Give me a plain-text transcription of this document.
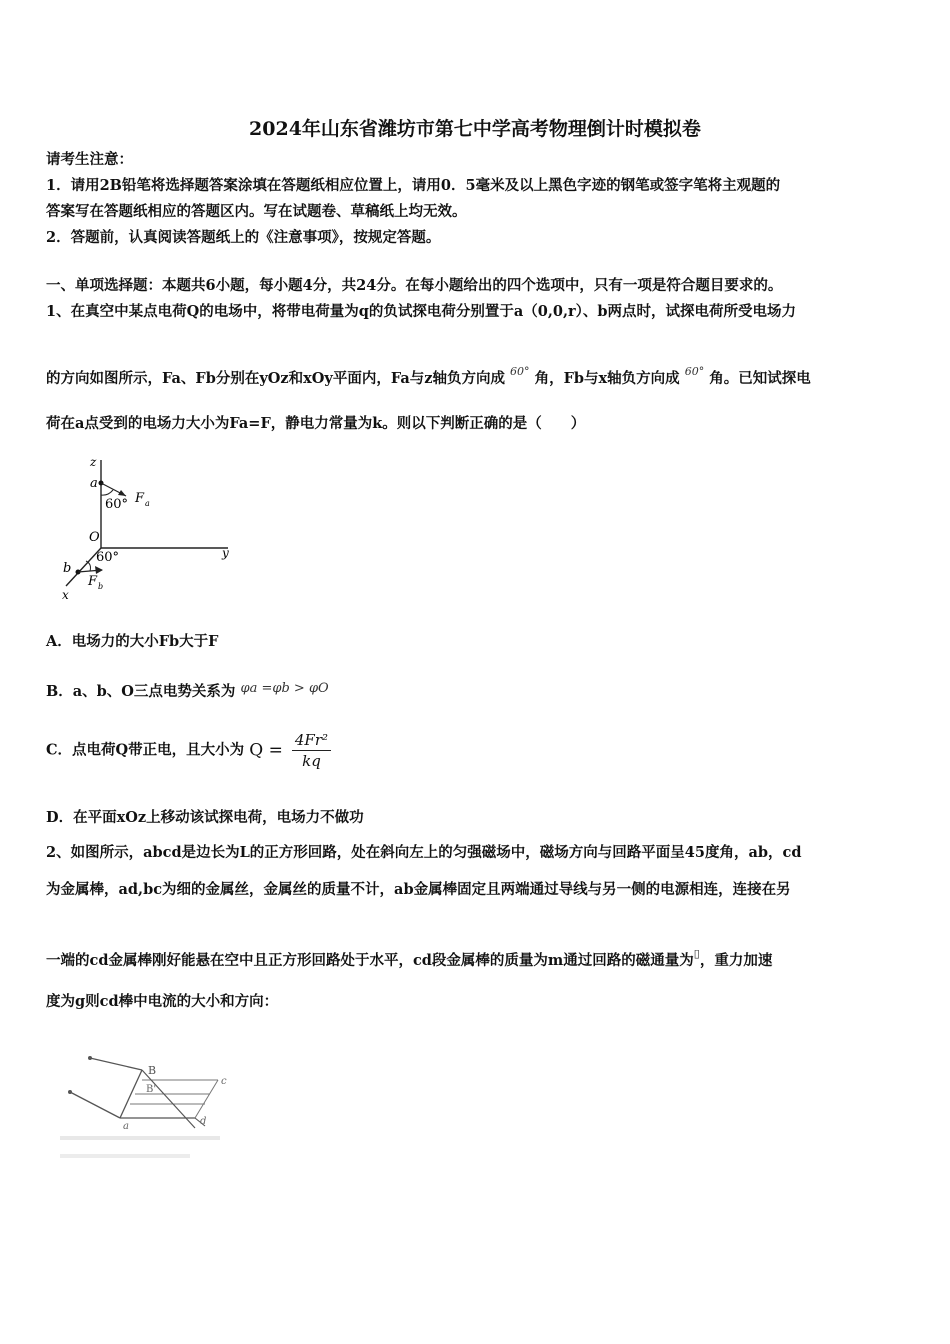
2024年山东省潍坊市第七中学高考物理倒计时模拟卷
请考生注意：
1．请用2B铅笔将选择题答案涂填在答题纸相应位置上，请用0．5毫米及以上黑色字迹的钢笔或签字笔将主观题的
答案写在答题纸相应的答题区内。写在试题卷、草稿纸上均无效。
2．答题前，认真阅读答题纸上的《注意事项》，按规定答题。
一、单项选择题：本题共6小题，每小题4分，共24分。在每小题给出的四个选项中，只有一项是符合题目要求的。
1、在真空中某点电荷Q的电场中，将带电荷量为q的负试探电荷分别置于a（0,0,r）、b两点时，试探电荷所受电场力
的方向如图所示，Fa、Fb分别在yOz和xOy平面内，Fa与z轴负方向成 $^{60^\circ}$ 角，Fb与x轴负方向成 $^{60^\circ}$ 角。已知试探电
荷在a点受到的电场力大小为Fa=F，静电力常量为k。则以下判断正确的是（　　）
z
a
60° F a
O
y
60°
b
F b
x
A．电场力的大小Fb大于F
B．a、b、O三点电势关系为 φa =φb > φO
C．点电荷Q带正电，且大小为 $Q = \frac{\text{4Fr²}}{kq}$
D．在平面xOz上移动该试探电荷，电场力不做功
2、如图所示，abcd是边长为L的正方形回路，处在斜向左上的匀强磁场中，磁场方向与回路平面呈45度角，ab，cd
为金属棒，ad,bc为细的金属丝，金属丝的质量不计，ab金属棒固定且两端通过导线与另一侧的电源相连，连接在另
一端的cd金属棒刚好能悬在空中且正方形回路处于水平，cd段金属棒的质量为m通过回路的磁通量为▯，重力加速
度为g则cd棒中电流的大小和方向：
B
B'
a
c
d
